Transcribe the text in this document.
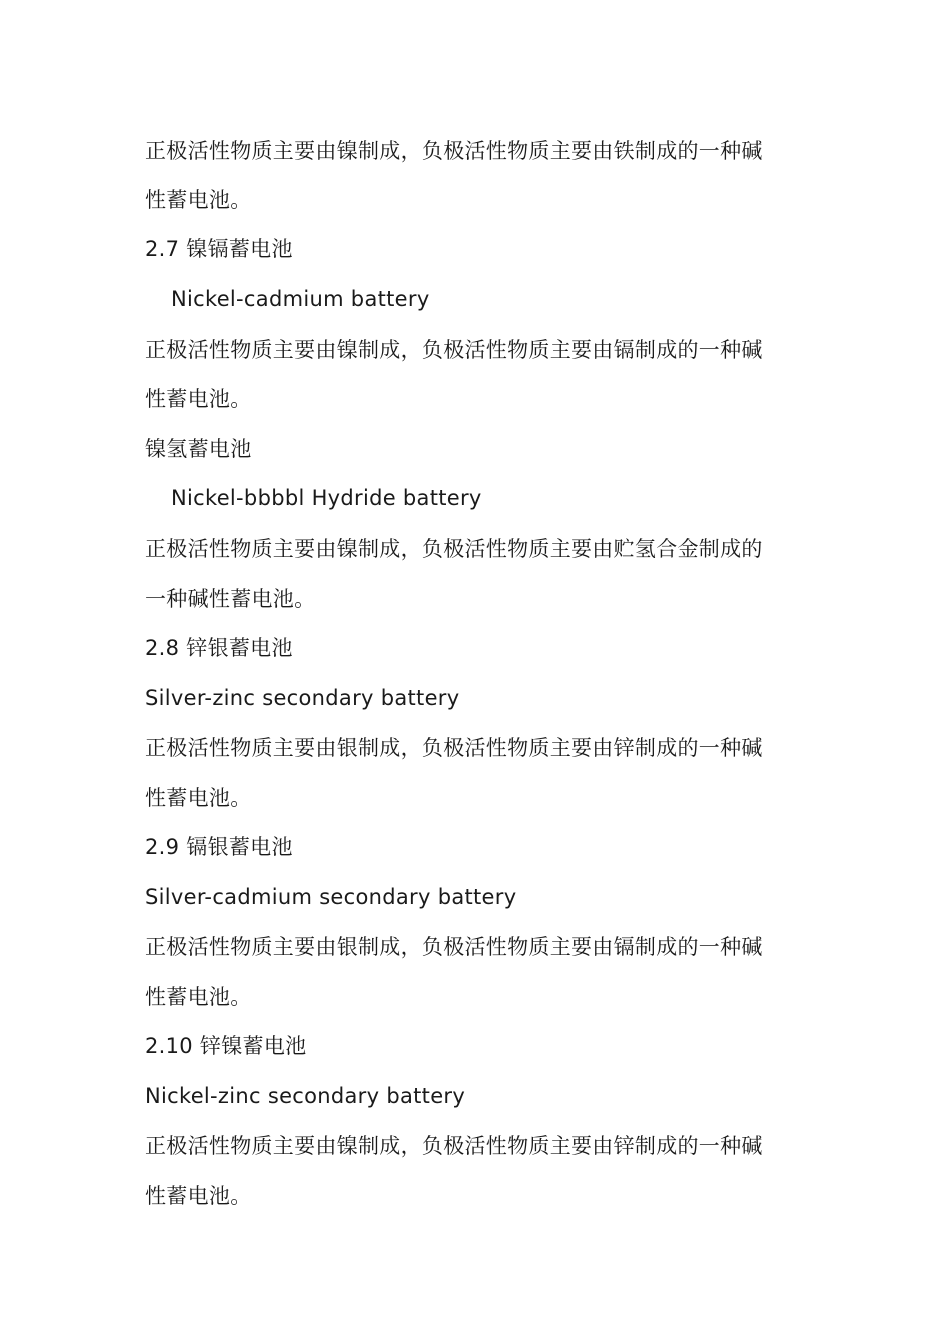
正极活性物质主要由镍制成，负极活性物质主要由铁制成的一种碱
性蓄电池。
2.7 镍镉蓄电池
Nickel-cadmium battery
正极活性物质主要由镍制成，负极活性物质主要由镉制成的一种碱
性蓄电池。
镍氢蓄电池
Nickel-bbbbl Hydride battery
正极活性物质主要由镍制成，负极活性物质主要由贮氢合金制成的
一种碱性蓄电池。
2.8 锌银蓄电池
Silver-zinc secondary battery
正极活性物质主要由银制成，负极活性物质主要由锌制成的一种碱
性蓄电池。
2.9 镉银蓄电池
Silver-cadmium secondary battery
正极活性物质主要由银制成，负极活性物质主要由镉制成的一种碱
性蓄电池。
2.10 锌镍蓄电池
Nickel-zinc secondary battery
正极活性物质主要由镍制成，负极活性物质主要由锌制成的一种碱
性蓄电池。
